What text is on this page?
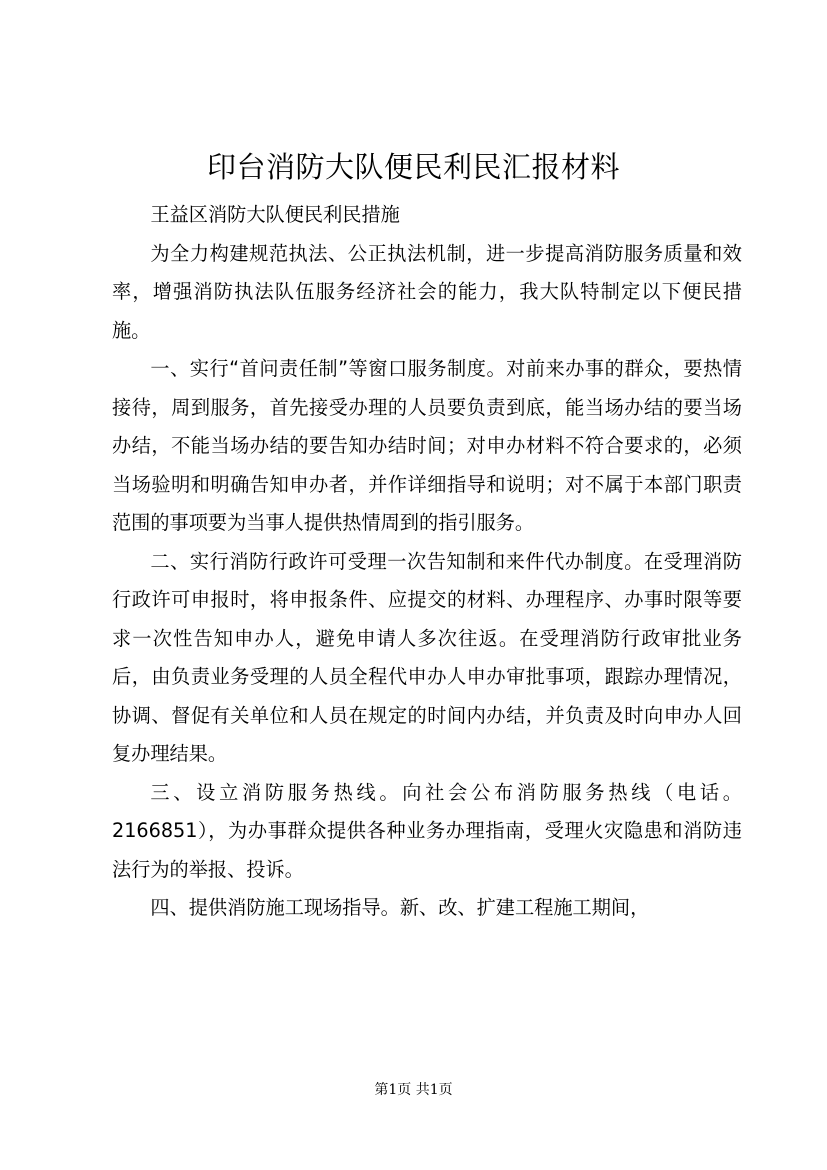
印台消防大队便民利民汇报材料

王益区消防大队便民利民措施

为全力构建规范执法、公正执法机制，进一步提高消防服务质量和效率，增强消防执法队伍服务经济社会的能力，我大队特制定以下便民措施。

一、实行“首问责任制”等窗口服务制度。对前来办事的群众，要热情接待，周到服务，首先接受办理的人员要负责到底，能当场办结的要当场办结，不能当场办结的要告知办结时间；对申办材料不符合要求的，必须当场验明和明确告知申办者，并作详细指导和说明；对不属于本部门职责范围的事项要为当事人提供热情周到的指引服务。

二、实行消防行政许可受理一次告知制和来件代办制度。在受理消防行政许可申报时，将申报条件、应提交的材料、办理程序、办事时限等要求一次性告知申办人，避免申请人多次往返。在受理消防行政审批业务后，由负责业务受理的人员全程代申办人申办审批事项，跟踪办理情况，协调、督促有关单位和人员在规定的时间内办结，并负责及时向申办人回复办理结果。

三、设立消防服务热线。向社会公布消防服务热线（电话。2166851），为办事群众提供各种业务办理指南，受理火灾隐患和消防违法行为的举报、投诉。

四、提供消防施工现场指导。新、改、扩建工程施工期间，

第1页 共1页
